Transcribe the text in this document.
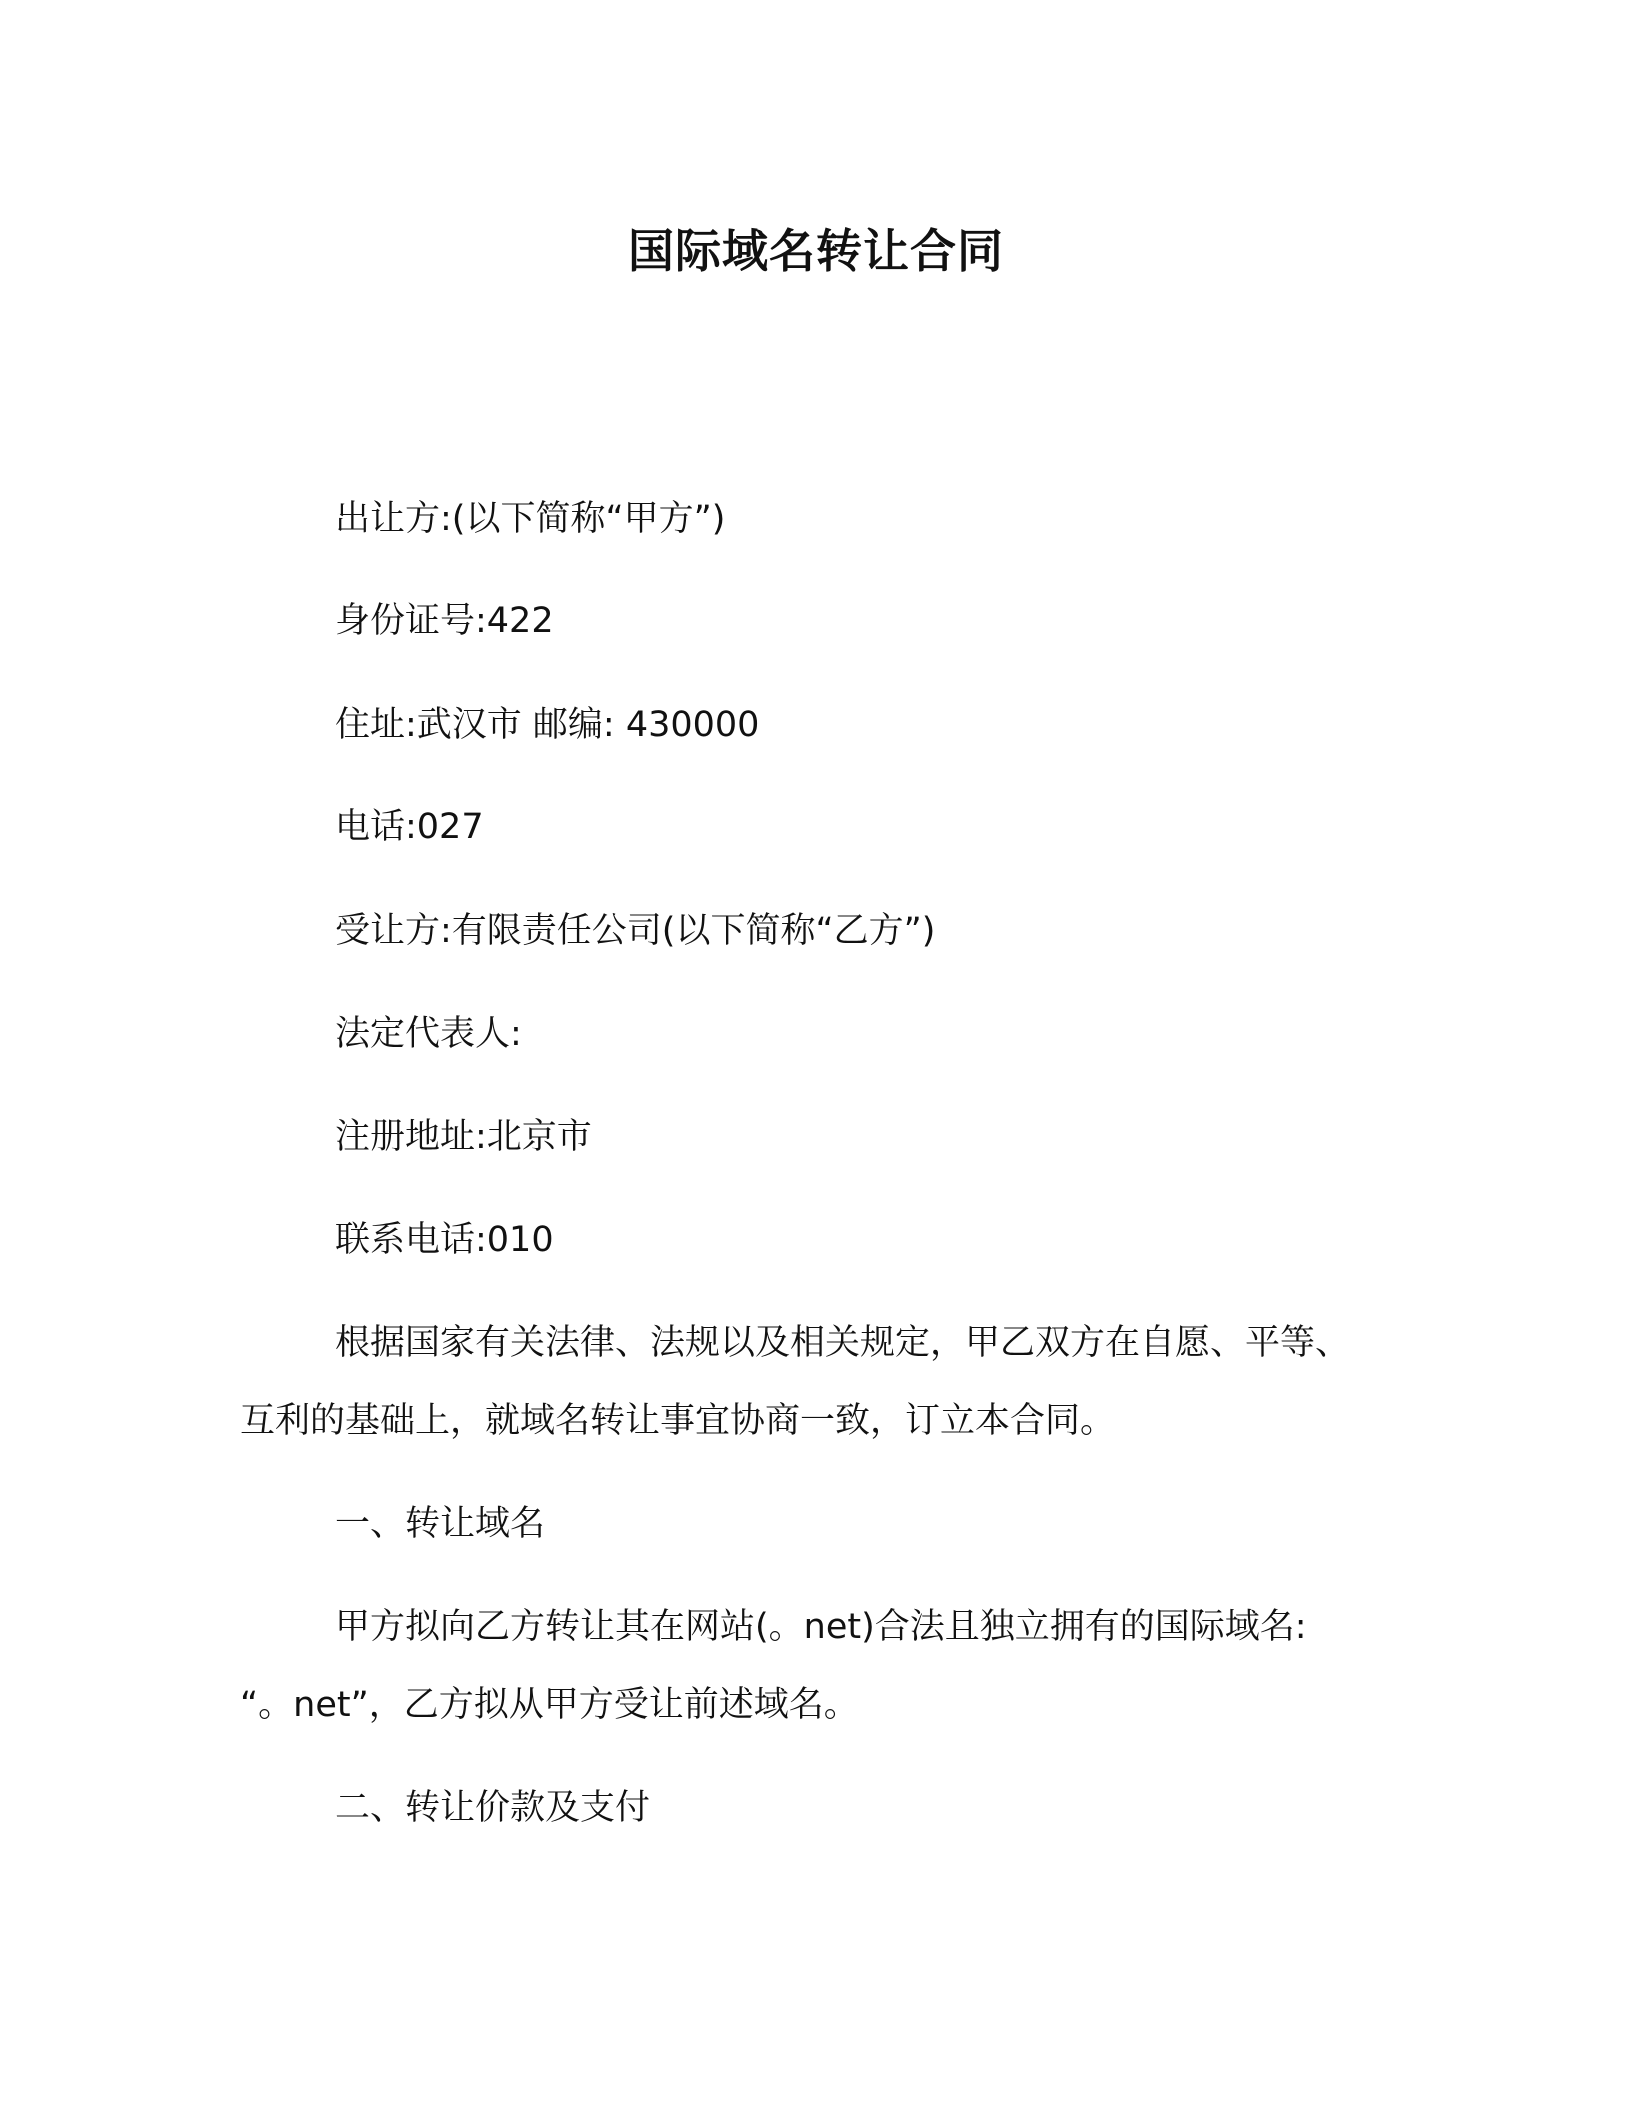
国际域名转让合同
出让方:(以下简称“甲方”)
身份证号:422
住址:武汉市 邮编: 430000
电话:027
受让方:有限责任公司(以下简称“乙方”)
法定代表人:
注册地址:北京市
联系电话:010
根据国家有关法律、法规以及相关规定，甲乙双方在自愿、平等、
互利的基础上，就域名转让事宜协商一致，订立本合同。
一、转让域名
甲方拟向乙方转让其在网站(。net)合法且独立拥有的国际域名:
“。net”，乙方拟从甲方受让前述域名。
二、转让价款及支付
